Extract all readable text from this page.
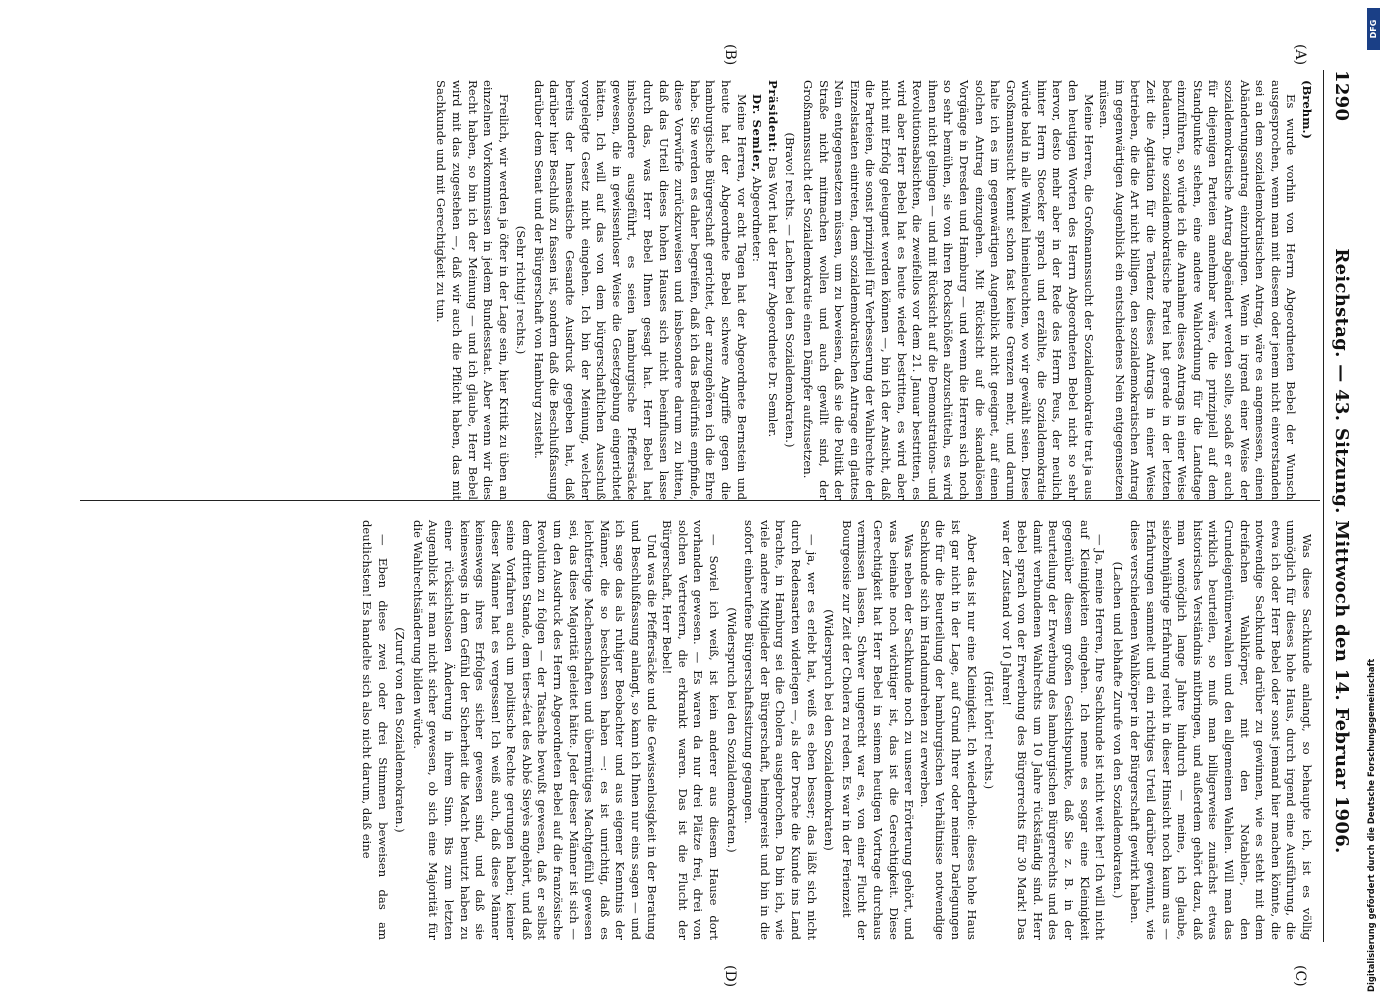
1290
Reichstag. — 43. Sitzung. Mittwoch den 14. Februar 1906.
(A)
(B)
(C)
(D)

(Brehm.)

Es wurde vorhin von Herrn Abgeordneten Bebel der Wunsch ausgesprochen, wenn man mit diesem oder jenem nicht einverstanden sei an dem sozialdemokratischen Antrag, wäre es angemessen, einen Abänderungsantrag einzubringen. Wenn in irgend einer Weise der sozialdemokratische Antrag abgeändert werden sollte, sodaß er auch für diejenigen Parteien annehmbar wäre, die prinzipiell auf dem Standpunkte stehen, eine andere Wahlordnung für die Landtage einzuführen, so würde ich die Annahme dieses Antrags in einer Weise bedauern. Die sozialdemokratische Partei hat gerade in der letzten Zeit die Agitation für die Tendenz dieses Antrags in einer Weise betrieben, die die Art nicht billigen, den sozialdemokratischen Antrag im gegenwärtigen Augenblick ein entschiedenes Nein entgegensetzen müssen.

Meine Herren, die Großmannssucht der Sozialdemokratie trat ja aus den heutigen Worten des Herrn Abgeordneten Bebel nicht so sehr hervor, desto mehr aber in der Rede des Herrn Peus, der neulich hinter Herrn Stoecker sprach und erzählte, die Sozialdemokratie würde bald in alle Winkel hineinleuchten, wo wir gewählt seien. Diese Großmannssucht kennt schon fast keine Grenzen mehr, und darum halte ich es im gegenwärtigen Augenblick nicht geeignet, auf einen solchen Antrag einzugehen. Mit Rücksicht auf die skandalösen Vorgänge in Dresden und Hamburg — und wenn die Herren sich noch so sehr bemühen, sie von ihren Rockschößen abzuschütteln, es wird ihnen nicht gelingen — und mit Rücksicht auf die Demonstrations- und Revolutionsabsichten, die zweifellos vor dem 21. Januar bestritten, es wird aber Herr Bebel hat es heute wieder bestritten, es wird aber nicht mit Erfolg geleugnet werden können —, bin ich der Ansicht, daß die Parteien, die sonst prinzipiell für Verbesserung der Wahlrechte der Einzelstaaten eintreten, dem sozialdemokratischen Antrage ein glattes Nein entgegensetzen müssen, um zu beweisen, daß sie die Politik der Straße nicht mitmachen wollen und auch gewillt sind, der Großmannssucht der Sozialdemokratie einen Dämpfer aufzusetzen.

(Bravo! rechts. — Lachen bei den Sozialdemokraten.)

Präsident: Das Wort hat der Herr Abgeordnete Dr. Semler.

Dr. Semler, Abgeordneter:

Meine Herren, vor acht Tagen hat der Abgeordnete Bernstein und heute hat der Abgeordnete Bebel schwere Angriffe gegen die hamburgische Bürgerschaft gerichtet, der anzugehören ich die Ehre habe. Sie werden es daher begreifen, daß ich das Bedürfnis empfinde, diese Vorwürfe zurückzuweisen und insbesondere darum zu bitten, daß das Urteil dieses hohen Hauses sich nicht beeinflussen lasse durch das, was Herr Bebel Ihnen gesagt hat. Herr Bebel hat insbesondere ausgeführt, es seien hamburgische Pfeffersäcke gewesen, die in gewissenloser Weise die Gesetzgebung eingerichtet hätten. Ich will auf das von dem bürgerschaftlichen Ausschuß vorgelegte Gesetz nicht eingehen. Ich bin der Meinung, welcher bereits der hanseatische Gesandte Ausdruck gegeben hat, daß darüber hier Beschluß zu fassen ist, sondern daß die Beschlußfassung darüber dem Senat und der Bürgerschaft von Hamburg zusteht.

(Sehr richtig! rechts.)

Freilich, wir werden ja öfter in der Lage sein, hier Kritik zu üben an einzelnen Vorkommnissen in jedem Bundesstaat. Aber wenn wir dies Recht haben, so bin ich der Meinung — und ich glaube, Herr Bebel wird mit das zugestehen —, daß wir auch die Pflicht haben, das mit Sachkunde und mit Gerechtigkeit zu tun.

Was diese Sachkunde anlangt, so behaupte ich, ist es völlig unmöglich für dieses hohe Haus, durch irgend eine Ausführung, die etwa ich oder Herr Bebel oder sonst jemand hier machen könnte, die notwendige Sachkunde darüber zu gewinnen, wie es steht mit dem dreifachen Wahlkörper, mit den Notablen-, den Grundeigentümerwahlen und den allgemeinen Wahlen. Will man das wirklich beurteilen, so muß man billigerweise zunächst etwas historisches Verständnis mitbringen, und außerdem gehört dazu, daß man womöglich lange Jahre hindurch — meine, ich glaube, siebzehnjährige Erfahrung reicht in dieser Hinsicht noch kaum aus — Erfahrungen sammelt und ein richtiges Urteil darüber gewinnt, wie diese verschiedenen Wahlkörper in der Bürgerschaft gewirkt haben.

(Lachen und lebhafte Zurufe von den Sozialdemokraten.)

— Ja, meine Herren, Ihre Sachkunde ist nicht weit her! Ich will nicht auf Kleinigkeiten eingehen. Ich nenne es sogar eine Kleinigkeit gegenüber diesem großen Gesichtspunkte, daß Sie z. B. in der Beurteilung der Erwerbung des hamburgischen Bürgerrechts und des damit verbundenen Wahlrechts um 10 Jahre rückständig sind. Herr Bebel sprach von der Erwerbung des Bürgerrechts für 30 Mark! Das war der Zustand vor 10 Jahren!

(Hört! hört! rechts.)

Aber das ist nur eine Kleinigkeit. Ich wiederhole: dieses hohe Haus ist gar nicht in der Lage, auf Grund Ihrer oder meiner Darlegungen die für die Beurteilung der hamburgischen Verhältnisse notwendige Sachkunde sich im Handumdrehen zu erwerben.

Was neben der Sachkunde noch zu unserer Erörterung gehört, und was beinahe noch wichtiger ist, das ist die Gerechtigkeit. Diese Gerechtigkeit hat Herr Bebel in seinem heutigen Vortrage durchaus vermissen lassen. Schwer ungerecht war es, von einer Flucht der Bourgeoisie zur Zeit der Cholera zu reden. Es war in der Ferienzeit

(Widerspruch bei den Sozialdemokraten)

— ja, wer es erlebt hat, weiß es eben besser; das läßt sich nicht durch Redensarten widerlegen —, als der Drache die Kunde ins Land brachte, in Hamburg sei die Cholera ausgebrochen. Da bin ich, wie viele andere Mitglieder der Bürgerschaft, heimgereist und bin in die sofort einberufene Bürgerschaftssitzung gegangen.

(Widerspruch bei den Sozialdemokraten.)

— Soviel ich weiß, ist kein anderer aus diesem Hause dort vorhanden gewesen. — Es waren da nur drei Plätze frei, drei von solchen Vertretern, die erkrankt waren. Das ist die Flucht der Bürgerschaft, Herr Bebel!

Und was die Pfeffersäcke und die Gewissenlosigkeit in der Beratung und Beschlußfassung anlangt, so kann ich Ihnen nur eins sagen — und ich sage das als ruhiger Beobachter und aus eigener Kenntnis der Männer, die so beschlossen haben —: es ist unrichtig, daß es leichtfertige Machenschaften und übermütiges Machtgefühl gewesen sei, das diese Majorität geleitet hätte. Jeder dieser Männer ist sich — um den Ausdruck des Herrn Abgeordneten Bebel auf die französische Revolution zu folgen — der Tatsache bewußt gewesen, daß er selbst dem dritten Stande, dem tiers-état des Abbé Sieyès angehört, und daß seine Vorfahren auch um politische Rechte gerungen haben; keiner dieser Männer hat es vergessen! Ich weiß auch, daß diese Männer keineswegs ihres Erfolges sicher gewesen sind, und daß sie keineswegs in dem Gefühl der Sicherheit die Macht benutzt haben zu einer rücksichtslosen Änderung in ihrem Sinn. Bis zum letzten Augenblick ist man nicht sicher gewesen, ob sich eine Majorität für die Wahlrechtsänderung bilden würde.

(Zuruf von den Sozialdemokraten.)

— Eben diese zwei oder drei Stimmen beweisen das am deutlichsten! Es handelte sich also nicht darum, daß eine	Digitalisierung gefördert durch die Deutsche Forschungsgemeinschaft
DFG
